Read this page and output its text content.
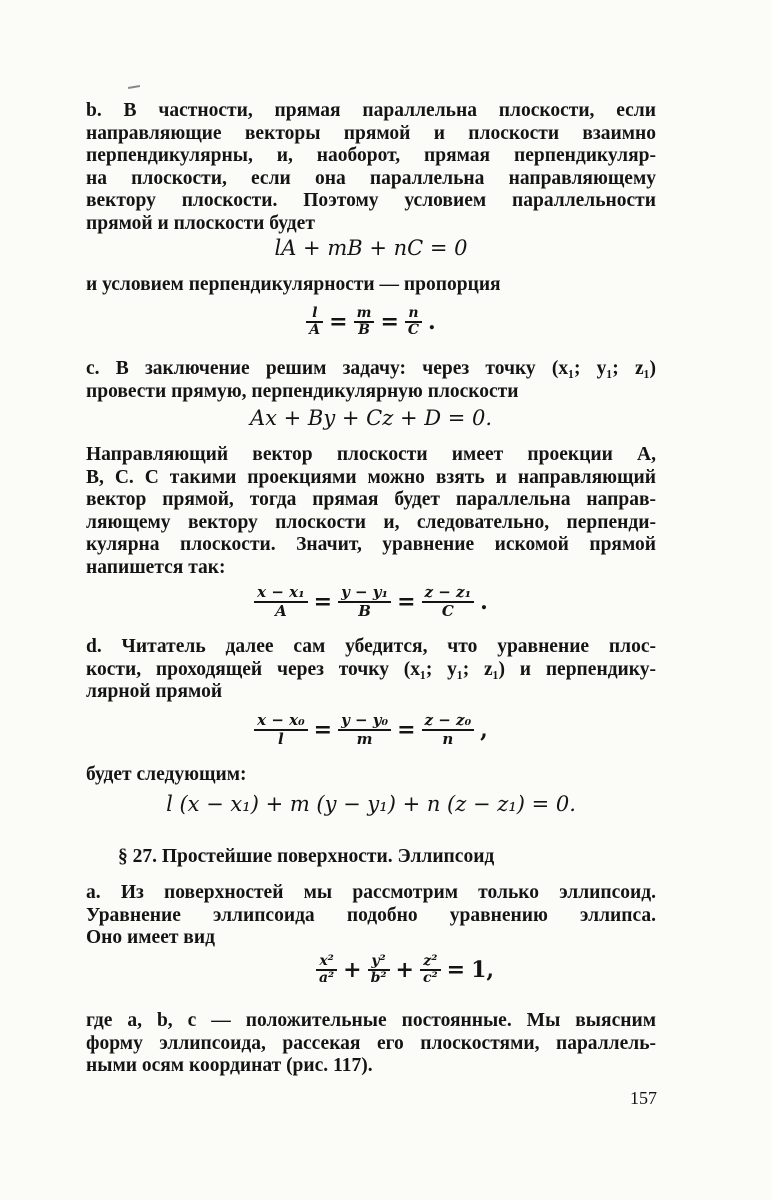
b. В частности, прямая параллельна плоскости, если
направляющие векторы прямой и плоскости взаимно
перпендикулярны, и, наоборот, прямая перпендикуляр-
на плоскости, если она параллельна направляющему
вектору плоскости. Поэтому условием параллельности
прямой и плоскости будет
lA + mB + nC = 0
и условием перпендикулярности — пропорция
$\frac{l}{A} = \frac{m}{B} = \frac{n}{C}$ .
c. В заключение решим задачу: через точку (x₁; y₁; z₁)
провести прямую, перпендикулярную плоскости
Ax + By + Cz + D = 0.
Направляющий вектор плоскости имеет проекции A,
B, C. С такими проекциями можно взять и направляющий
вектор прямой, тогда прямая будет параллельна направ-
ляющему вектору плоскости и, следовательно, перпенди-
кулярна плоскости. Значит, уравнение искомой прямой
напишется так:
$\frac{\text{x − x₁}}{A} = \frac{\text{y − y₁}}{B} = \frac{\text{z − z₁}}{C}$ .
d. Читатель далее сам убедится, что уравнение плос-
кости, проходящей через точку (x₁; y₁; z₁) и перпендику-
лярной прямой
$\frac{\text{x − x₀}}{l} = \frac{\text{y − y₀}}{m} = \frac{\text{z − z₀}}{n}$ ,
будет следующим:
l (x − x₁) + m (y − y₁) + n (z − z₁) = 0.
§ 27. Простейшие поверхности. Эллипсоид
a. Из поверхностей мы рассмотрим только эллипсоид.
Уравнение эллипсоида подобно уравнению эллипса.
Оно имеет вид
$\frac{\text{x²}}{\text{a²}} + \frac{\text{y²}}{\text{b²}} + \frac{\text{z²}}{\text{c²}} = 1$,
где a, b, c — положительные постоянные. Мы выясним
форму эллипсоида, рассекая его плоскостями, параллель-
ными осям координат (рис. 117).
157
